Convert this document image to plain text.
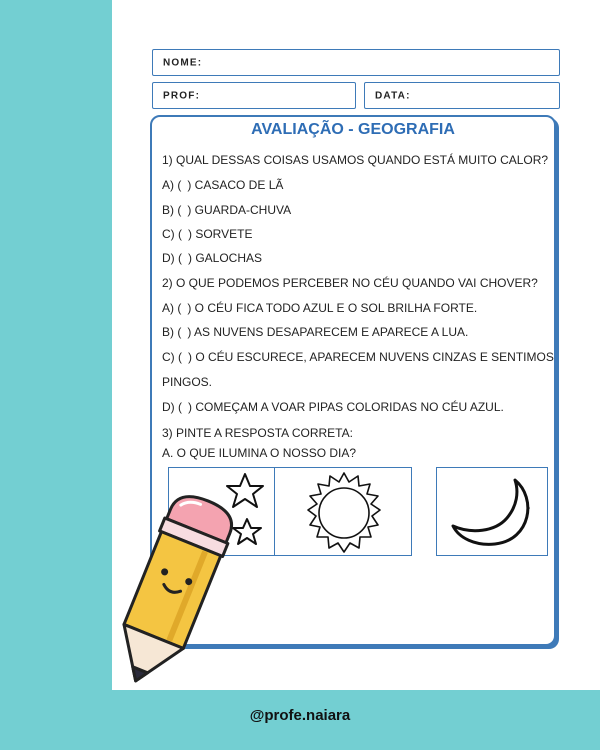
NOME:
PROF:	DATA:
AVALIAÇÃO - GEOGRAFIA

1) QUAL DESSAS COISAS USAMOS QUANDO ESTÁ MUITO CALOR?

A) ( ) CASACO DE LÃ

B) ( ) GUARDA-CHUVA

C) ( ) SORVETE

D) ( ) GALOCHAS

2) O QUE PODEMOS PERCEBER NO CÉU QUANDO VAI CHOVER?

A) ( ) O CÉU FICA TODO AZUL E O SOL BRILHA FORTE.

B) ( ) AS NUVENS DESAPARECEM E APARECE A LUA.

C) ( ) O CÉU ESCURECE, APARECEM NUVENS CINZAS E SENTIMOS

PINGOS.

D) ( ) COMEÇAM A VOAR PIPAS COLORIDAS NO CÉU AZUL.

3) PINTE A RESPOSTA CORRETA:

A. O QUE ILUMINA O NOSSO DIA?

@profe.naiara
